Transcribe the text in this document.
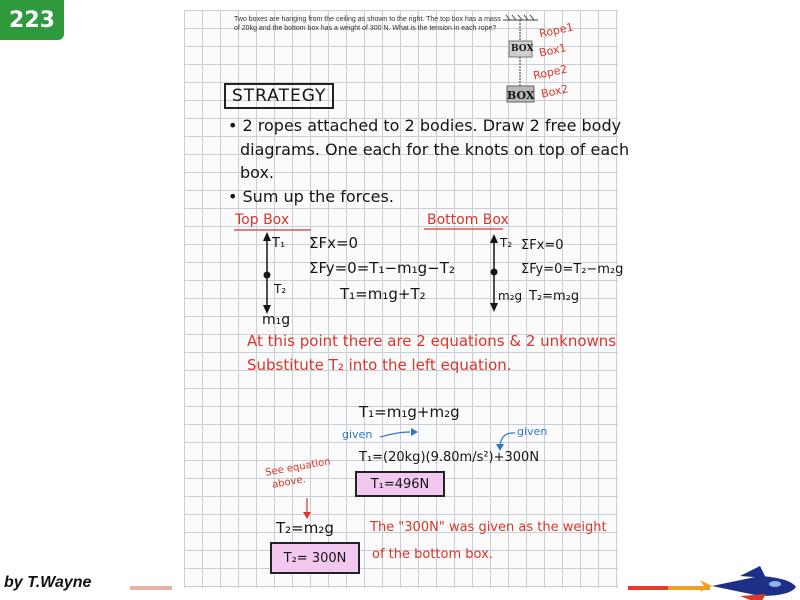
223	Two boxes are hanging from the ceiling as shown to the right. The top box has a mass of 20kg and the bottom box has a weight of 300 N. What is the tension in each rope?
BOX
BOX
Rope1
Box1
Rope2
Box2
STRATEGY
• 2 ropes attached to 2 bodies. Draw 2 free body
diagrams. One each for the knots on top of each
box.
• Sum up the forces.
Top Box
T₁
T₂
m₁g
ΣFx=0
ΣFy=0=T₁−m₁g−T₂
T₁=m₁g+T₂
Bottom Box
T₂
m₂g
ΣFx=0
ΣFy=0=T₂−m₂g
T₂=m₂g
At this point there are 2 equations & 2 unknowns
Substitute T₂ into the left equation.
T₁=m₁g+m₂g
given	given
T₁=(20kg)(9.80m/s²)+300N
T₁=496N
See equation
above.
T₂=m₂g
T₂= 300N
The "300N" was given as the weight
of the bottom box.
by T.Wayne
